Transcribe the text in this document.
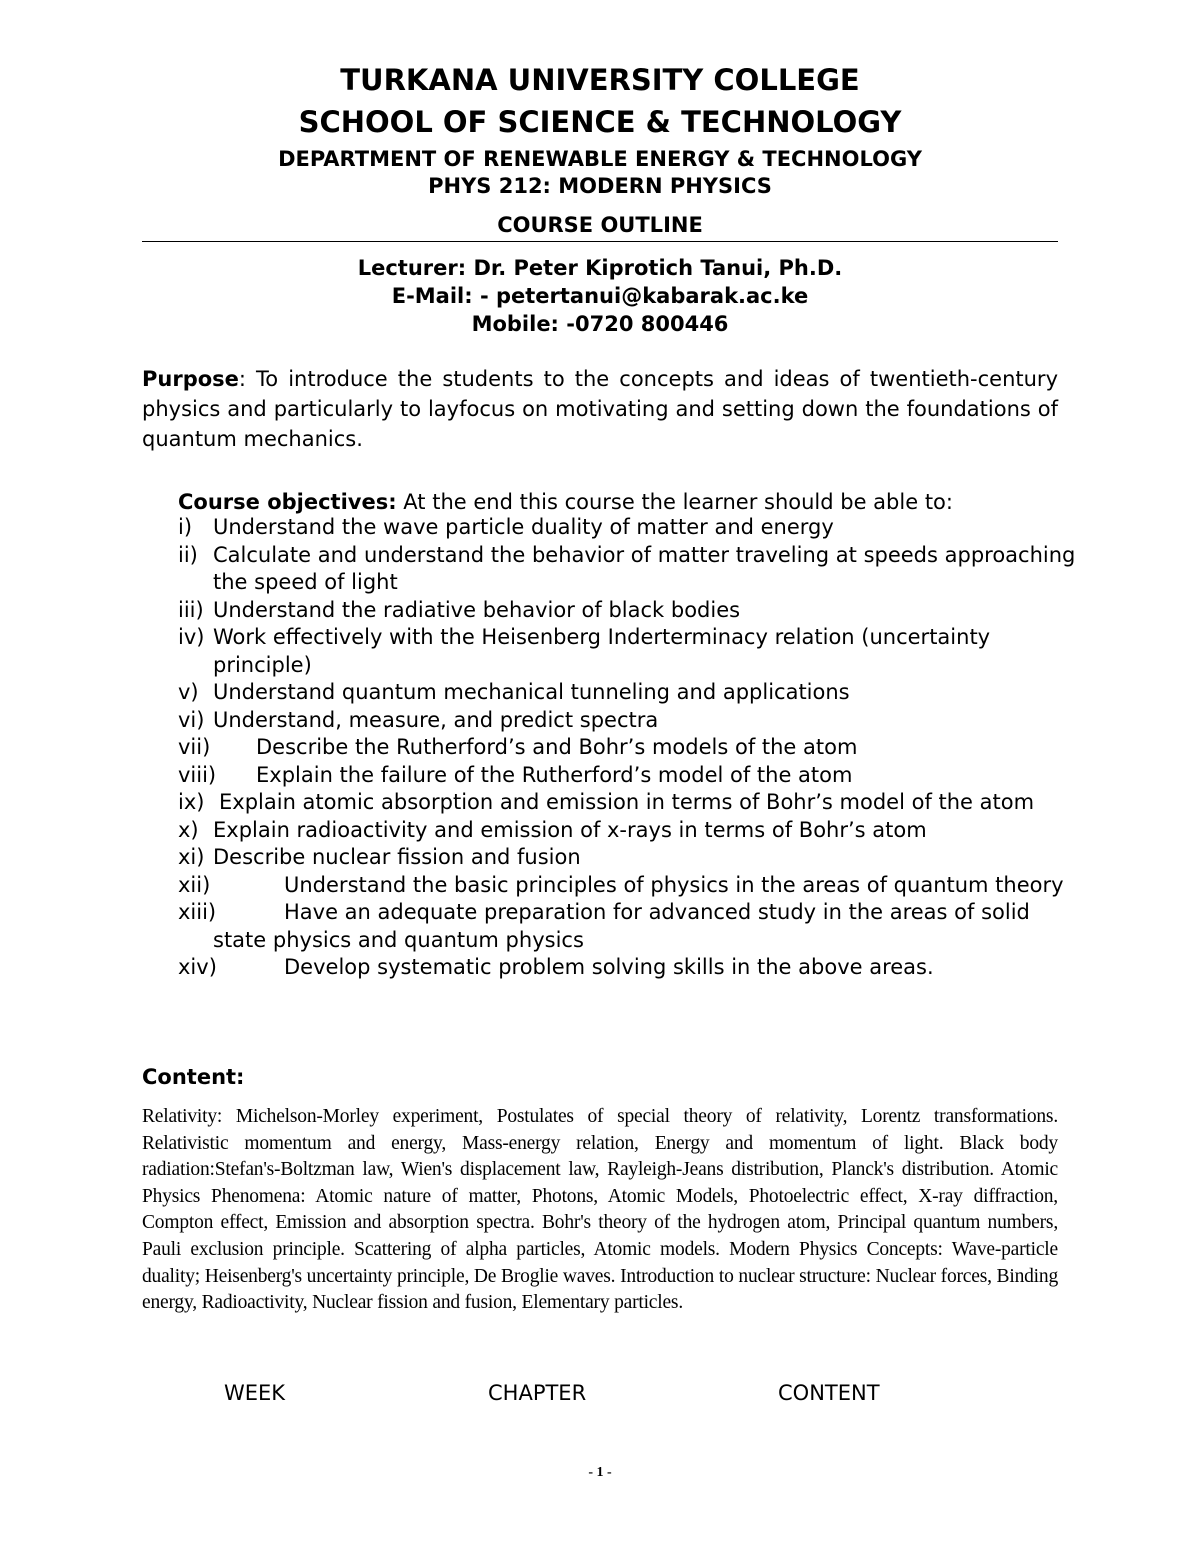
TURKANA UNIVERSITY COLLEGE
SCHOOL OF SCIENCE & TECHNOLOGY
DEPARTMENT OF RENEWABLE ENERGY & TECHNOLOGY
PHYS 212: MODERN PHYSICS
COURSE OUTLINE
Lecturer: Dr. Peter Kiprotich Tanui, Ph.D.
E-Mail: - petertanui@kabarak.ac.ke
Mobile: -0720 800446
Purpose: To introduce the students to the concepts and ideas of twentieth-century physics and particularly to layfocus on motivating and setting down the foundations of quantum mechanics.
Course objectives: At the end this course the learner should be able to:
i) Understand the wave particle duality of matter and energy
ii) Calculate and understand the behavior of matter traveling at speeds approaching the speed of light
iii) Understand the radiative behavior of black bodies
iv) Work effectively with the Heisenberg Inderterminacy relation (uncertainty principle)
v) Understand quantum mechanical tunneling and applications
vi) Understand, measure, and predict spectra
vii)	Describe the Rutherford’s and Bohr’s models of the atom
viii)	Explain the failure of the Rutherford’s model of the atom
ix) Explain atomic absorption and emission in terms of Bohr’s model of the atom
x) Explain radioactivity and emission of x-rays in terms of Bohr’s atom
xi) Describe nuclear fission and fusion
xii)	Understand the basic principles of physics in the areas of quantum theory
xiii)	Have an adequate preparation for advanced study in the areas of solid state physics and quantum physics
xiv)	Develop systematic problem solving skills in the above areas.
Content:
Relativity: Michelson-Morley experiment, Postulates of special theory of relativity, Lorentz transformations. Relativistic momentum and energy, Mass-energy relation, Energy and momentum of light. Black body radiation:Stefan's-Boltzman law, Wien's displacement law, Rayleigh-Jeans distribution, Planck's distribution. Atomic Physics Phenomena: Atomic nature of matter, Photons, Atomic Models, Photoelectric effect, X-ray diffraction, Compton effect, Emission and absorption spectra. Bohr's theory of the hydrogen atom, Principal quantum numbers, Pauli exclusion principle. Scattering of alpha particles, Atomic models. Modern Physics Concepts: Wave-particle duality; Heisenberg's uncertainty principle, De Broglie waves. Introduction to nuclear structure: Nuclear forces, Binding energy, Radioactivity, Nuclear fission and fusion, Elementary particles.
WEEK	CHAPTER	CONTENT
- 1 -
